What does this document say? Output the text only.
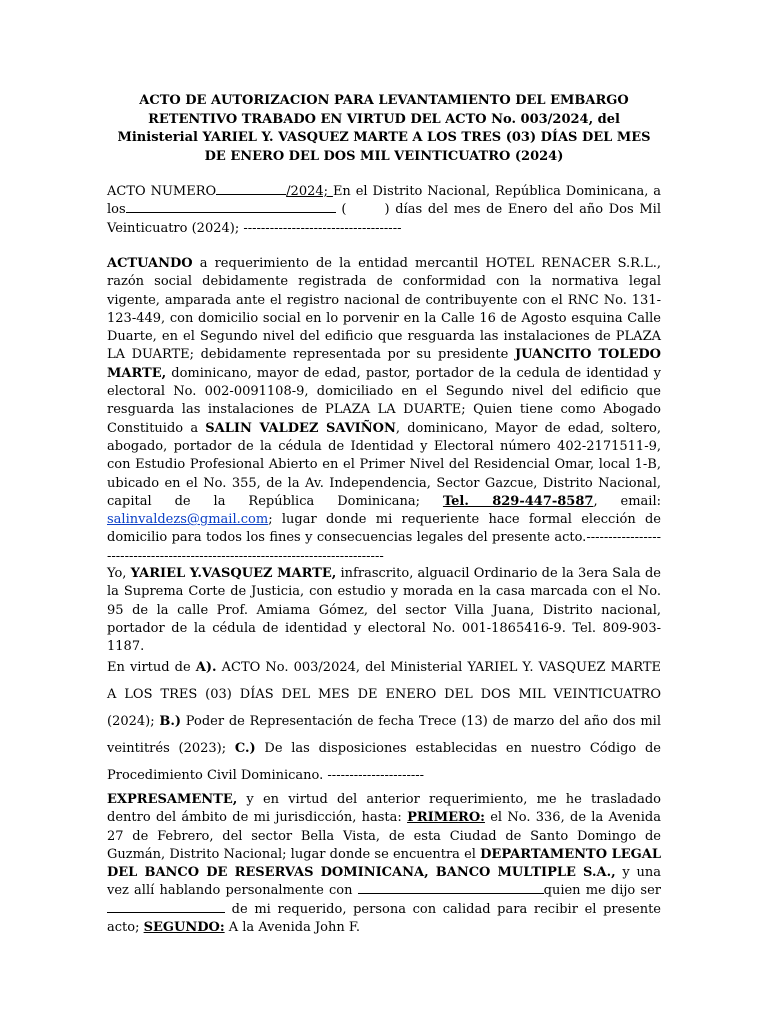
ACTO DE AUTORIZACION PARA LEVANTAMIENTO DEL EMBARGO RETENTIVO TRABADO EN VIRTUD DEL ACTO No. 003/2024, del Ministerial YARIEL Y. VASQUEZ MARTE A LOS TRES (03) DÍAS DEL MES DE ENERO DEL DOS MIL VEINTICUATRO (2024)

ACTO NUMERO	/2024; En el Distrito Nacional, República Dominicana, a los	(	) días del mes de Enero del año Dos Mil Veinticuatro (2024); ------------------------------------

ACTUANDO a requerimiento de la entidad mercantil HOTEL RENACER S.R.L., razón social debidamente registrada de conformidad con la normativa legal vigente, amparada ante el registro nacional de contribuyente con el RNC No. 131-123-449, con domicilio social en lo porvenir en la Calle 16 de Agosto esquina Calle Duarte, en el Segundo nivel del edificio que resguarda las instalaciones de PLAZA LA DUARTE; debidamente representada por su presidente JUANCITO TOLEDO MARTE, dominicano, mayor de edad, pastor, portador de la cedula de identidad y electoral No. 002-0091108-9, domiciliado en el Segundo nivel del edificio que resguarda las instalaciones de PLAZA LA DUARTE; Quien tiene como Abogado Constituido a SALIN VALDEZ SAVIÑON, dominicano, Mayor de edad, soltero, abogado, portador de la cédula de Identidad y Electoral número 402-2171511-9, con Estudio Profesional Abierto en el Primer Nivel del Residencial Omar, local 1-B, ubicado en el No. 355, de la Av. Independencia, Sector Gazcue, Distrito Nacional, capital de la República Dominicana; Tel. 829-447-8587, email: salinvaldezs@gmail.com; lugar donde mi requeriente hace formal elección de domicilio para todos los fines y consecuencias legales del presente acto.--------------------------------------------------------------------------------

Yo, YARIEL Y.VASQUEZ MARTE, infrascrito, alguacil Ordinario de la 3era Sala de la Suprema Corte de Justicia, con estudio y morada en la casa marcada con el No. 95 de la calle Prof. Amiama Gómez, del sector Villa Juana, Distrito nacional, portador de la cédula de identidad y electoral No. 001-1865416-9. Tel. 809-903-1187.

En virtud de A). ACTO No. 003/2024, del Ministerial YARIEL Y. VASQUEZ MARTE A LOS TRES (03) DÍAS DEL MES DE ENERO DEL DOS MIL VEINTICUATRO (2024); B.) Poder de Representación de fecha Trece (13) de marzo del año dos mil veintitrés (2023); C.) De las disposiciones establecidas en nuestro Código de Procedimiento Civil Dominicano. ----------------------

EXPRESAMENTE, y en virtud del anterior requerimiento, me he trasladado dentro del ámbito de mi jurisdicción, hasta: PRIMERO: el No. 336, de la Avenida 27 de Febrero, del sector Bella Vista, de esta Ciudad de Santo Domingo de Guzmán, Distrito Nacional; lugar donde se encuentra el DEPARTAMENTO LEGAL DEL BANCO DE RESERVAS DOMINICANA, BANCO MULTIPLE S.A., y una vez allí hablando personalmente con	quien me dijo ser  de mi requerido, persona con calidad para recibir el presente acto; SEGUNDO: A la Avenida John F.
